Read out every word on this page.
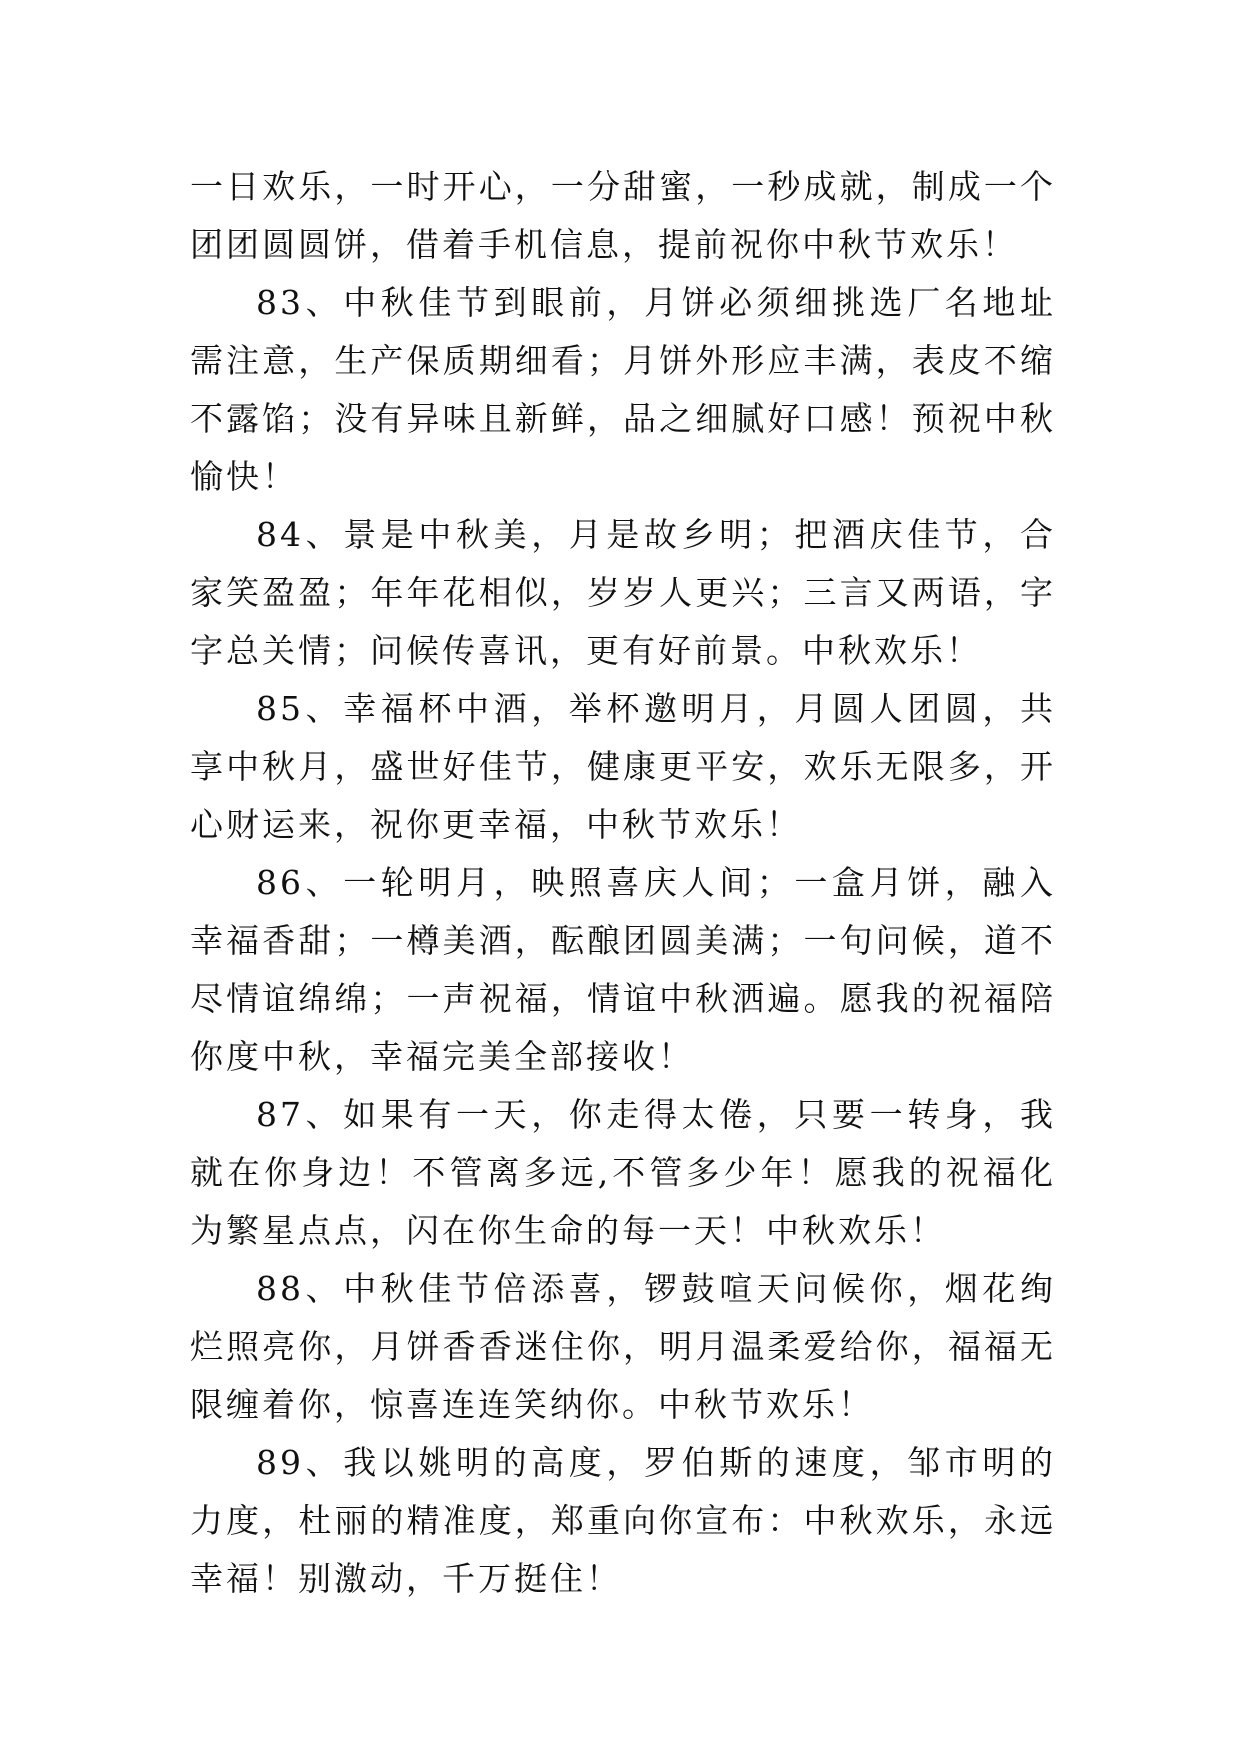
一日欢乐，一时开心，一分甜蜜，一秒成就，制成一个团团圆圆饼，借着手机信息，提前祝你中秋节欢乐！

83、中秋佳节到眼前，月饼必须细挑选厂名地址需注意，生产保质期细看；月饼外形应丰满，表皮不缩不露馅；没有异味且新鲜，品之细腻好口感！预祝中秋愉快！

84、景是中秋美，月是故乡明；把酒庆佳节，合家笑盈盈；年年花相似，岁岁人更兴；三言又两语，字字总关情；问候传喜讯，更有好前景。中秋欢乐！

85、幸福杯中酒，举杯邀明月，月圆人团圆，共享中秋月，盛世好佳节，健康更平安，欢乐无限多，开心财运来，祝你更幸福，中秋节欢乐！

86、一轮明月，映照喜庆人间；一盒月饼，融入幸福香甜；一樽美酒，酝酿团圆美满；一句问候，道不尽情谊绵绵；一声祝福，情谊中秋洒遍。愿我的祝福陪你度中秋，幸福完美全部接收！

87、如果有一天，你走得太倦，只要一转身，我就在你身边！不管离多远,不管多少年！愿我的祝福化为繁星点点，闪在你生命的每一天！中秋欢乐！

88、中秋佳节倍添喜，锣鼓喧天问候你，烟花绚烂照亮你，月饼香香迷住你，明月温柔爱给你，福福无限缠着你，惊喜连连笑纳你。中秋节欢乐！

89、我以姚明的高度，罗伯斯的速度，邹市明的力度，杜丽的精准度，郑重向你宣布：中秋欢乐，永远幸福！别激动，千万挺住！
